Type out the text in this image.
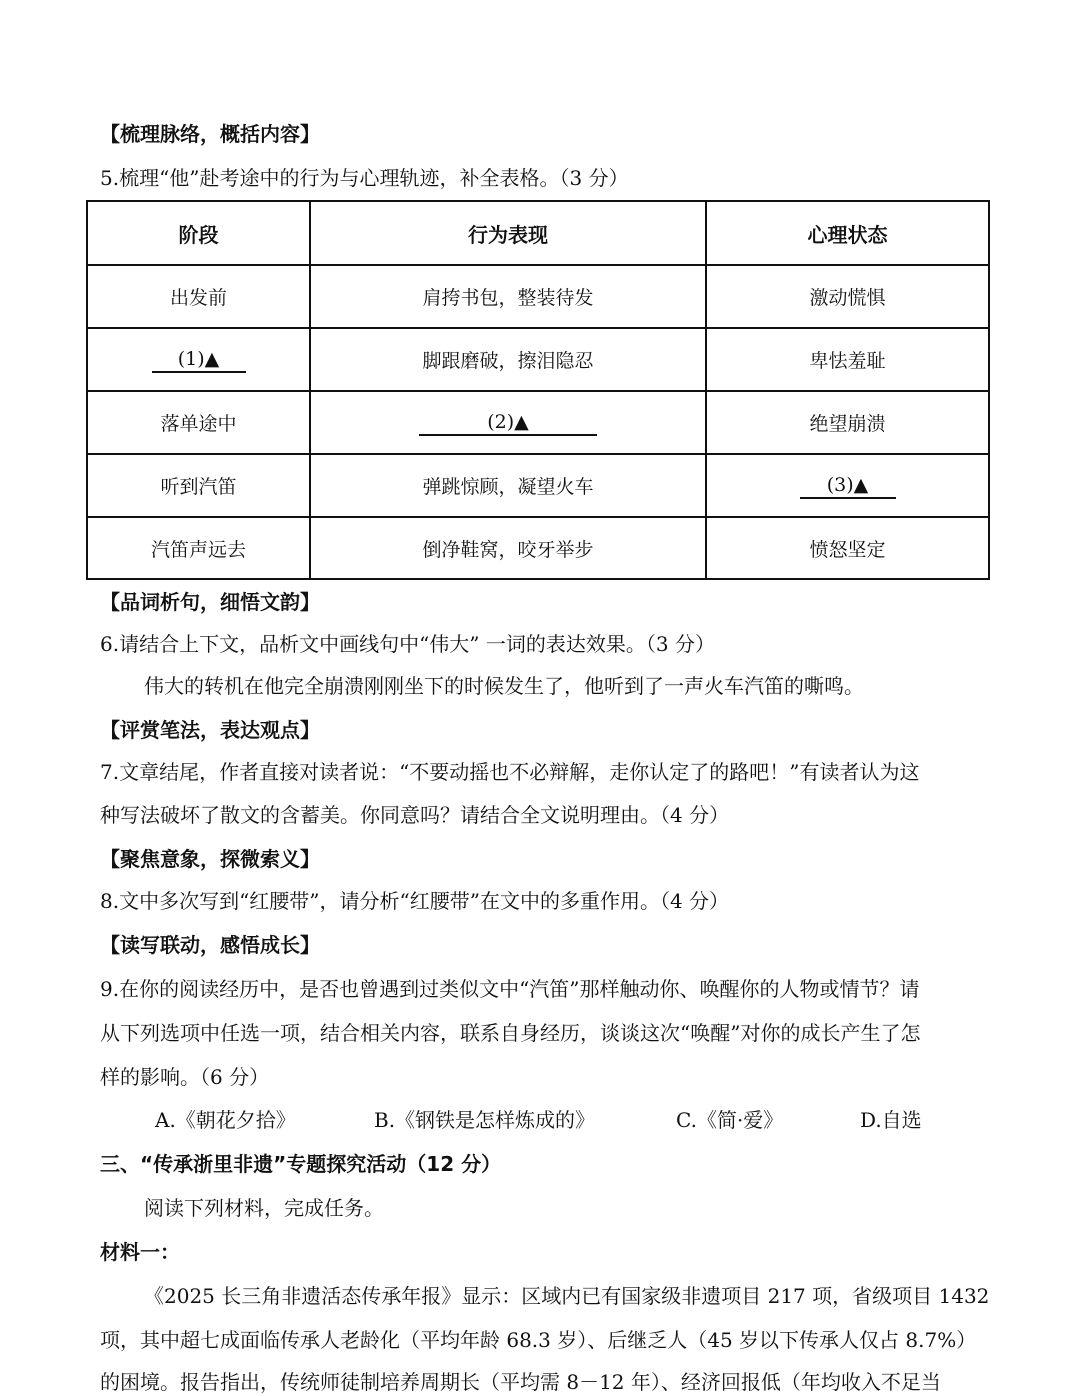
【梳理脉络，概括内容】
5.梳理“他”赴考途中的行为与心理轨迹，补全表格。（3 分）
阶段	行为表现	心理状态
出发前	肩挎书包，整装待发	激动慌惧
(1)▲	脚跟磨破，擦泪隐忍	卑怯羞耻
落单途中	(2)▲	绝望崩溃
听到汽笛	弹跳惊顾，凝望火车	(3)▲
汽笛声远去	倒净鞋窝，咬牙举步	愤怒坚定
【品词析句，细悟文韵】
6.请结合上下文，品析文中画线句中“伟大” 一词的表达效果。（3 分）
伟大的转机在他完全崩溃刚刚坐下的时候发生了，他听到了一声火车汽笛的嘶鸣。
【评赏笔法，表达观点】
7.文章结尾，作者直接对读者说：“不要动摇也不必辩解，走你认定了的路吧！”有读者认为这
种写法破坏了散文的含蓄美。你同意吗？请结合全文说明理由。（4 分）
【聚焦意象，探微索义】
8.文中多次写到“红腰带”，请分析“红腰带”在文中的多重作用。（4 分）
【读写联动，感悟成长】
9.在你的阅读经历中，是否也曾遇到过类似文中“汽笛”那样触动你、唤醒你的人物或情节？请
从下列选项中任选一项，结合相关内容，联系自身经历，谈谈这次“唤醒”对你的成长产生了怎
样的影响。（6 分）
A.《朝花夕拾》	B.《钢铁是怎样炼成的》	C.《简·爱》	D.自选
三、“传承浙里非遗”专题探究活动（12 分）
阅读下列材料，完成任务。
材料一：
《2025 长三角非遗活态传承年报》显示：区域内已有国家级非遗项目 217 项，省级项目 1432
项，其中超七成面临传承人老龄化（平均年龄 68.3 岁）、后继乏人（45 岁以下传承人仅占 8.7%）
的困境。报告指出，传统师徒制培养周期长（平均需 8－12 年）、经济回报低（年均收入不足当
